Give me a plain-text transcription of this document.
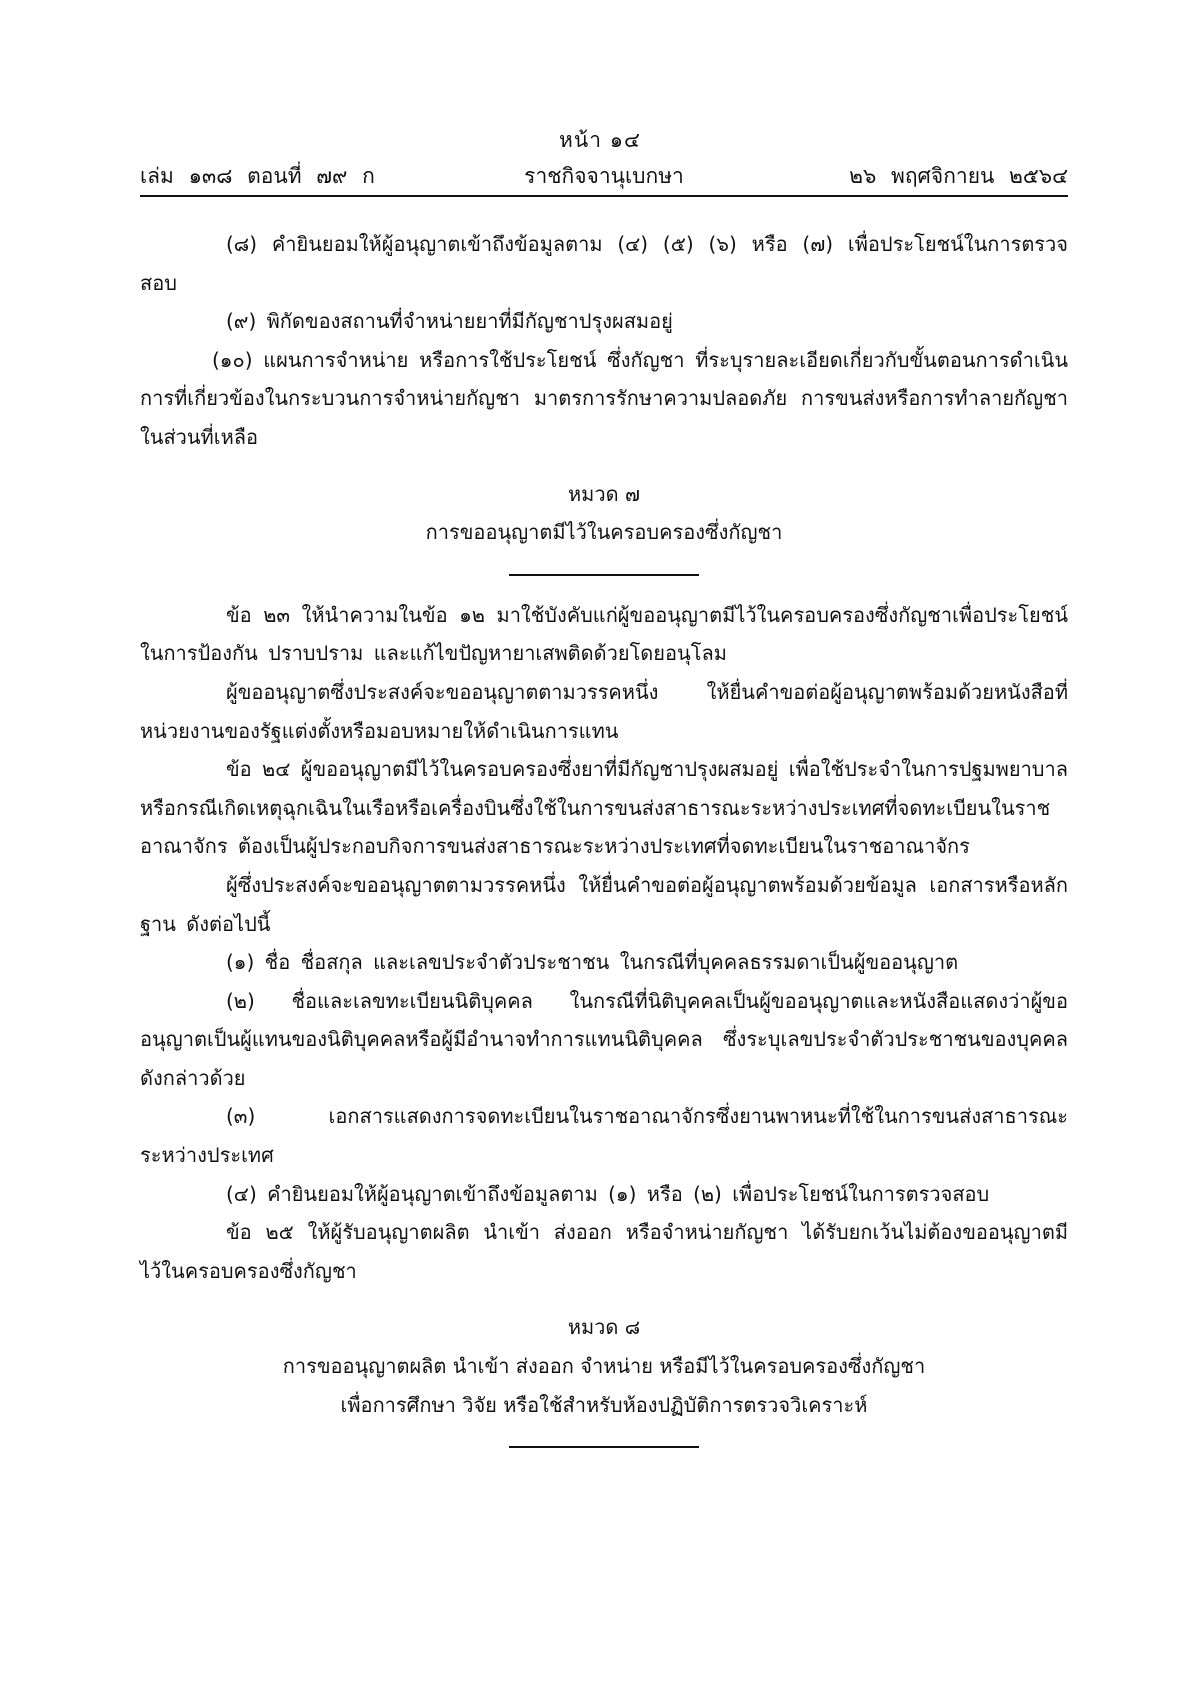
หน้า ๑๔
เล่ม ๑๓๘ ตอนที่ ๗๙ ก	ราชกิจจานุเบกษา	๒๖ พฤศจิกายน ๒๕๖๔

(๘) คำยินยอมให้ผู้อนุญาตเข้าถึงข้อมูลตาม (๔) (๕) (๖) หรือ (๗) เพื่อประโยชน์ในการตรวจสอบ

(๙) พิกัดของสถานที่จำหน่ายยาที่มีกัญชาปรุงผสมอยู่

(๑๐) แผนการจำหน่าย หรือการใช้ประโยชน์ ซึ่งกัญชา ที่ระบุรายละเอียดเกี่ยวกับขั้นตอนการดำเนินการที่เกี่ยวข้องในกระบวนการจำหน่ายกัญชา มาตรการรักษาความปลอดภัย การขนส่งหรือการทำลายกัญชาในส่วนที่เหลือ

หมวด ๗

การขออนุญาตมีไว้ในครอบครองซึ่งกัญชา

ข้อ ๒๓ ให้นำความในข้อ ๑๒ มาใช้บังคับแก่ผู้ขออนุญาตมีไว้ในครอบครองซึ่งกัญชาเพื่อประโยชน์ในการป้องกัน ปราบปราม และแก้ไขปัญหายาเสพติดด้วยโดยอนุโลม

ผู้ขออนุญาตซึ่งประสงค์จะขออนุญาตตามวรรคหนึ่ง ให้ยื่นคำขอต่อผู้อนุญาตพร้อมด้วยหนังสือที่หน่วยงานของรัฐแต่งตั้งหรือมอบหมายให้ดำเนินการแทน

ข้อ ๒๔ ผู้ขออนุญาตมีไว้ในครอบครองซึ่งยาที่มีกัญชาปรุงผสมอยู่ เพื่อใช้ประจำในการปฐมพยาบาลหรือกรณีเกิดเหตุฉุกเฉินในเรือหรือเครื่องบินซึ่งใช้ในการขนส่งสาธารณะระหว่างประเทศที่จดทะเบียนในราชอาณาจักร ต้องเป็นผู้ประกอบกิจการขนส่งสาธารณะระหว่างประเทศที่จดทะเบียนในราชอาณาจักร

ผู้ซึ่งประสงค์จะขออนุญาตตามวรรคหนึ่ง ให้ยื่นคำขอต่อผู้อนุญาตพร้อมด้วยข้อมูล เอกสารหรือหลักฐาน ดังต่อไปนี้

(๑) ชื่อ ชื่อสกุล และเลขประจำตัวประชาชน ในกรณีที่บุคคลธรรมดาเป็นผู้ขออนุญาต

(๒) ชื่อและเลขทะเบียนนิติบุคคล ในกรณีที่นิติบุคคลเป็นผู้ขออนุญาตและหนังสือแสดงว่าผู้ขออนุญาตเป็นผู้แทนของนิติบุคคลหรือผู้มีอำนาจทำการแทนนิติบุคคล ซึ่งระบุเลขประจำตัวประชาชนของบุคคลดังกล่าวด้วย

(๓) เอกสารแสดงการจดทะเบียนในราชอาณาจักรซึ่งยานพาหนะที่ใช้ในการขนส่งสาธารณะระหว่างประเทศ

(๔) คำยินยอมให้ผู้อนุญาตเข้าถึงข้อมูลตาม (๑) หรือ (๒) เพื่อประโยชน์ในการตรวจสอบ

ข้อ ๒๕ ให้ผู้รับอนุญาตผลิต นำเข้า ส่งออก หรือจำหน่ายกัญชา ได้รับยกเว้นไม่ต้องขออนุญาตมีไว้ในครอบครองซึ่งกัญชา

หมวด ๘

การขออนุญาตผลิต นำเข้า ส่งออก จำหน่าย หรือมีไว้ในครอบครองซึ่งกัญชา

เพื่อการศึกษา วิจัย หรือใช้สำหรับห้องปฏิบัติการตรวจวิเคราะห์
